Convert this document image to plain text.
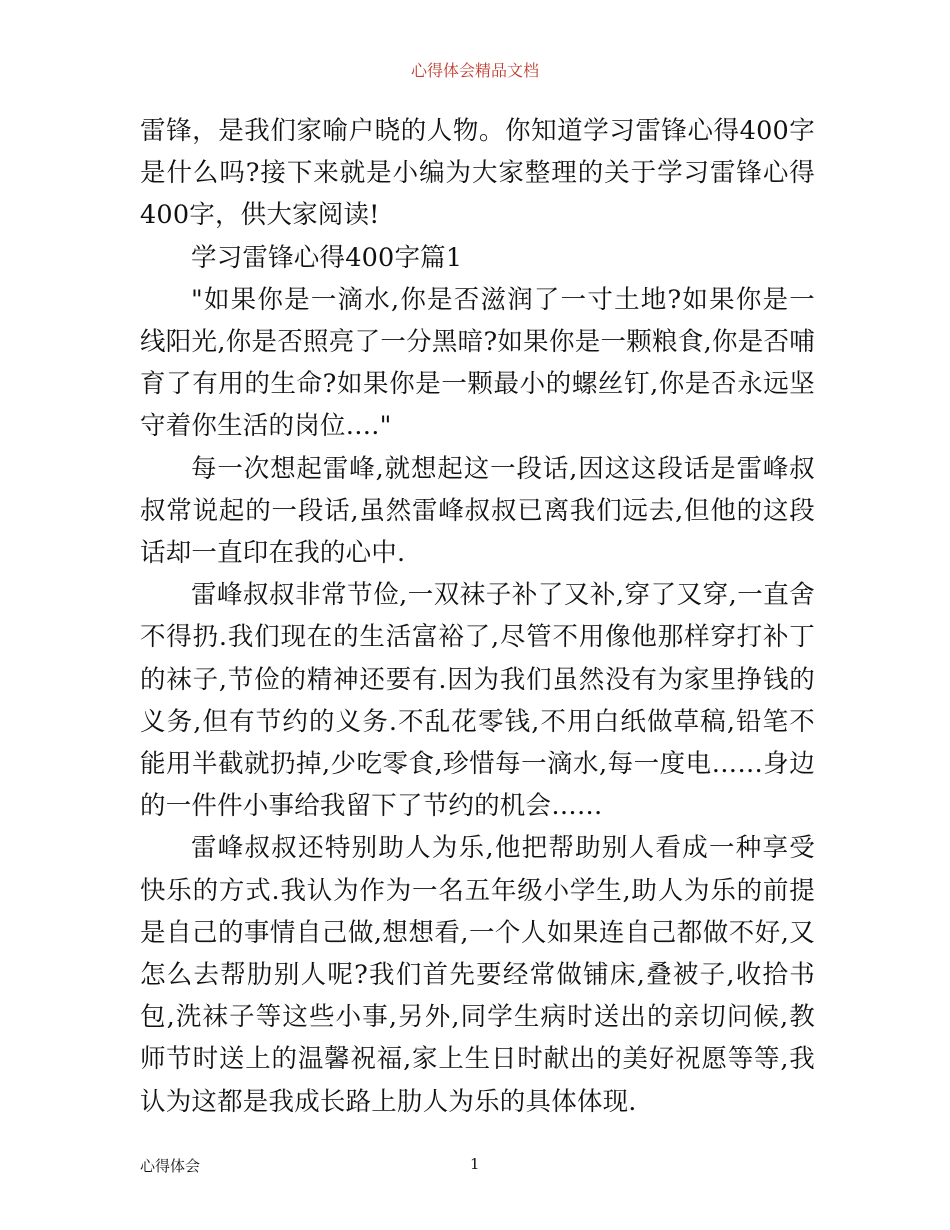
心得体会精品文档

雷锋，是我们家喻户晓的人物。你知道学习雷锋心得400字是什么吗?接下来就是小编为大家整理的关于学习雷锋心得400字，供大家阅读!

学习雷锋心得400字篇1

"如果你是一滴水,你是否滋润了一寸土地?如果你是一线阳光,你是否照亮了一分黑暗?如果你是一颗粮食,你是否哺育了有用的生命?如果你是一颗最小的螺丝钉,你是否永远坚守着你生活的岗位…."

每一次想起雷峰,就想起这一段话,因这这段话是雷峰叔叔常说起的一段话,虽然雷峰叔叔已离我们远去,但他的这段话却一直印在我的心中.

雷峰叔叔非常节俭,一双袜子补了又补,穿了又穿,一直舍不得扔.我们现在的生活富裕了,尽管不用像他那样穿打补丁的袜子,节俭的精神还要有.因为我们虽然没有为家里挣钱的义务,但有节约的义务.不乱花零钱,不用白纸做草稿,铅笔不能用半截就扔掉,少吃零食,珍惜每一滴水,每一度电……身边的一件件小事给我留下了节约的机会……

雷峰叔叔还特别助人为乐,他把帮助别人看成一种享受快乐的方式.我认为作为一名五年级小学生,助人为乐的前提是自己的事情自己做,想想看,一个人如果连自己都做不好,又怎么去帮肋别人呢?我们首先要经常做铺床,叠被子,收拾书包,洗袜子等这些小事,另外,同学生病时送出的亲切问候,教师节时送上的温馨祝福,家上生日时献出的美好祝愿等等,我认为这都是我成长路上肋人为乐的具体体现.

心得体会	1
